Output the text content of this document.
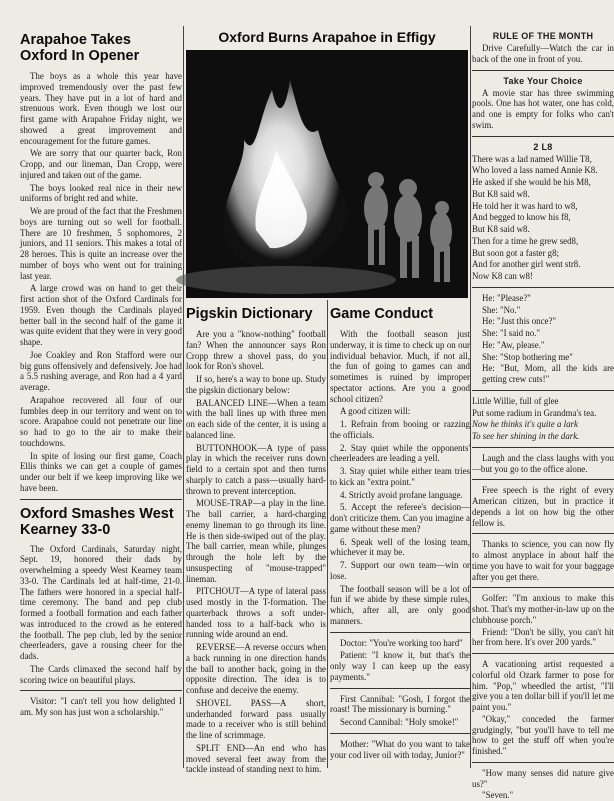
Arapahoe Takes Oxford In Opener

The boys as a whole this year have improved tremendously over the past few years. They have put in a lot of hard and strenuous work. Even though we lost our first game with Arapahoe Friday night, we showed a great improvement and encouragement for the future games.

We are sorry that our quarter back, Ron Cropp, and our lineman, Dan Cropp, were injured and taken out of the game.

The boys looked real nice in their new uniforms of bright red and white.

We are proud of the fact that the Freshmen boys are turning out so well for football. There are 10 freshmen, 5 sophomores, 2 juniors, and 11 seniors. This makes a total of 28 heroes. This is quite an increase over the number of boys who went out for training last year.

A large crowd was on hand to get their first action shot of the Oxford Cardinals for 1959. Even though the Cardinals played better ball in the second half of the game it was quite evident that they were in very good shape.

Joe Coakley and Ron Stafford were our big guns offensively and defensively. Joe had a 5.5 rushing average, and Ron had a 4 yard average.

Arapahoe recovered all four of our fumbles deep in our territory and went on to score. Arapahoe could not penetrate our line so had to go to the air to make their touchdowns.

In spite of losing our first game, Coach Ellis thinks we can get a couple of games under our belt if we keep improving like we have been.

Oxford Smashes West Kearney 33-0

The Oxford Cardinals, Saturday night, Sept. 19, honored their dads by overwhelming a speedy West Kearney team 33-0. The Cardinals led at half-time, 21-0. The fathers were honored in a special half-time ceremony. The band and pep club formed a football formation and each father was introduced to the crowd as he entered the football. The pep club, led by the senior cheerleaders, gave a rousing cheer for the dads.

The Cards climaxed the second half by scoring twice on beautiful plays.

Visitor: "I can't tell you how delighted I am. My son has just won a scholarship."

Oxford Burns Arapahoe in Effigy
Pigskin Dictionary

Are you a "know-nothing" football fan? When the announcer says Ron Cropp threw a shovel pass, do you look for Ron's shovel.

If so, here's a way to bone up. Study the pigskin dictionary below:

BALANCED LINE—When a team with the ball lines up with three men on each side of the center, it is using a balanced line.

BUTTONHOOK—A type of pass play in which the receiver runs down field to a certain spot and then turns sharply to catch a pass—usually hard-thrown to prevent interception.

MOUSE-TRAP—a play in the line. The ball carrier, a hard-charging enemy lineman to go through its line. He is then side-swiped out of the play. The ball carrier, mean while, plunges through the hole left by the unsuspecting of "mouse-trapped" lineman.

PITCHOUT—A type of lateral pass used mostly in the T-formation. The quarterback throws a soft under-handed toss to a half-back who is running wide around an end.

REVERSE—A reverse occurs when a back running in one direction hands the ball to another back, going in the opposite direction. The idea is to confuse and deceive the enemy.

SHOVEL PASS—A short, underhanded forward pass usually made to a receiver who is still behind the line of scrimmage.

SPLIT END—An end who has moved several feet away from the tackle instead of standing next to him.

Game Conduct

With the football season just underway, it is time to check up on our individual behavior. Much, if not all, the fun of going to games can and sometimes is ruined by improper spectator actions. Are you a good school citizen?

A good citizen will:

1. Refrain from booing or razzing the officials.

2. Stay quiet while the opponents' cheerleaders are leading a yell.

3. Stay quiet while either team tries to kick an "extra point."

4. Strictly avoid profane language.

5. Accept the referee's decision—don't criticize them. Can you imagine a game without these men?

6. Speak well of the losing team, whichever it may be.

7. Support our own team—win or lose.

The football season will be a lot of fun if we abide by these simple rules, which, after all, are only good manners.

Doctor: "You're working too hard"

Patient: "I know it, but that's the only way I can keep up the easy payments."

First Cannibal: "Gosh, I forgot the roast! The missionary is burning."

Second Cannibal: "Holy smoke!"

Mother: "What do you want to take your cod liver oil with today, Junior?"

RULE OF THE MONTH

Drive Carefully—Watch the car in back of the one in front of you.

Take Your Choice

A movie star has three swimming pools. One has hot water, one has cold, and one is empty for folks who can't swim.

2 L8

There was a lad named Willie T8,

Who loved a lass named Annie K8.

He asked if she would be his M8,

But K8 said w8.

He told her it was hard to w8,

And begged to know his f8,

But K8 said w8.

Then for a time he grew sed8,

But soon got a faster g8;

And for another girl went str8.

Now K8 can w8!

He: "Please?"

She: "No."

He: "Just this once?"

She: "I said no."

He: "Aw, please."

She: "Stop bothering me"

He: "But, Mom, all the kids are getting crew cuts!"

Little Willie, full of glee

Put some radium in Grandma's tea.

Now he thinks it's quite a lark

To see her shining in the dark.

Laugh and the class laughs with you—but you go to the office alone.

Free speech is the right of every American citizen, but in practice it depends a lot on how big the other fellow is.

Thanks to science, you can now fly to almost anyplace in about half the time you have to wait for your baggage after you get there.

Golfer: "I'm anxious to make this shot. That's my mother-in-law up on the clubhouse porch."

Friend: "Don't be silly, you can't hit her from here. It's over 200 yards."

A vacationing artist requested a colorful old Ozark farmer to pose for him. "Pop," wheedled the artist, "I'll give you a ten dollar bill if you'll let me paint you."

"Okay," conceded the farmer grudgingly, "but you'll have to tell me how to get the stuff off when you're finished."

"How many senses did nature give us?"

"Seven."
